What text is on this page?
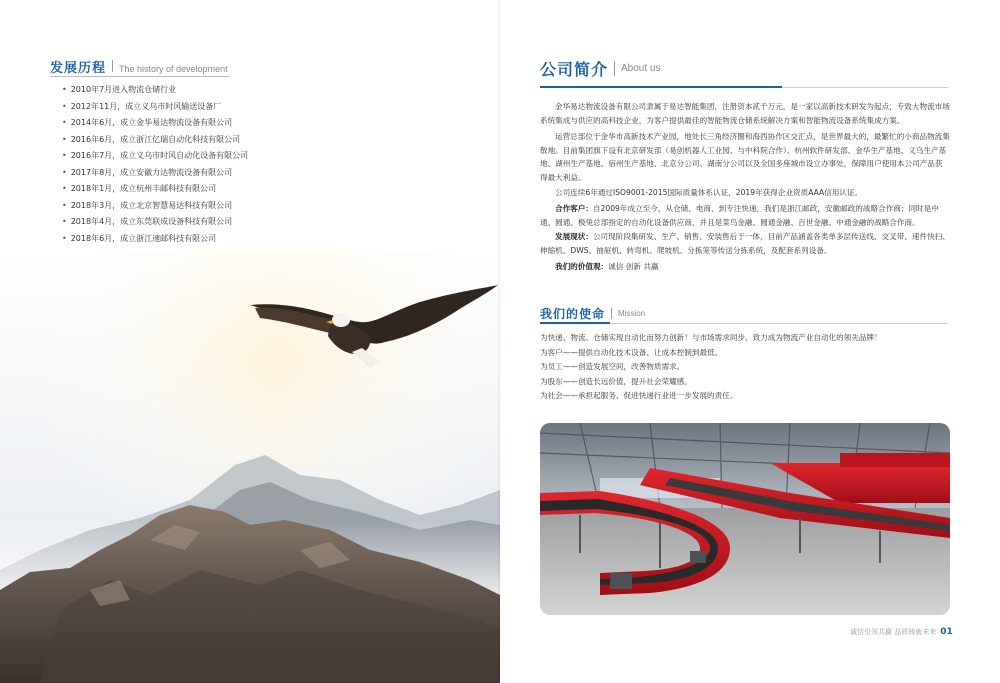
发展历程 The history of development
• 2010年7月进入物流仓储行业
• 2012年11月，成立义乌市时风输送设备厂
• 2014年6月，成立金华易达物流设备有限公司
• 2016年6月，成立浙江亿瑞自动化科技有限公司
• 2016年7月，成立义乌市时风自动化设备有限公司
• 2017年8月，成立安徽力达物流设备有限公司
• 2018年1月，成立杭州丰邮科技有限公司
• 2018年3月，成立北京智慧易达科技有限公司
• 2018年4月，成立东莞联成设备科技有限公司
• 2018年6月，成立浙江速邮科技有限公司
•
•
•
•
•
公司简介 About us

金华易达物流设备有限公司隶属于易达智能集团，注册资本贰千万元，是一家以高新技术研发为起点，专致大物流市场系统集成与供应的高科技企业，为客户提供最佳的智能物流仓储系统解决方案和智能物流设备系统集成方案。

运营总部位于金华市高新技术产业园，地处长三角经济圈和海西协作区交汇点，是世界最大的，最繁忙的小商品物流集散地。目前集团旗下设有北京研发部（易创机器人工业园、与中科院合作）、杭州软件研发部、金华生产基地、义乌生产基地、湖州生产基地、宿州生产基地、北京分公司、湖南分公司以及全国多座城市设立办事处，保障用户使用本公司产品获得最大利益。

公司连续6年通过ISO9001-2015国际质量体系认证，2019年获得企业资质AAA信用认证。

合作客户：自2009年成立至今，从仓储、电商、到专注快递，我们是浙江邮政，安徽邮政的战略合作商；同时是中通、圆通、极兔总部指定的自动化设备供应商，并且是菜鸟金融、圆通金融、百世金融、中通金融的战略合作商。

发展现状：公司现阶段集研发、生产、销售、安装售后于一体，目前产品涵盖各类单多层传送线、交叉带、速件快扫、伸缩机、DWS、抽屉机、转弯机、爬坡机、分拣笼等传送分拣系统，及配套系列设备。

我们的价值观：诚信 创新 共赢

我们的使命 Mission
为快递、物流、仓储实现自动化而努力创新！与市场需求同步、致力成为物流产业自动化的领先品牌！
为客户——提供自动化技术设备、让成本控制到最低。
为员工——创造发展空间，改善物质需求。
为股东——创造长远价值，提升社会荣耀感。
为社会——承担起服务、促进快递行业进一步发展的责任。
诚信引领共赢 品质铸就未来 01
